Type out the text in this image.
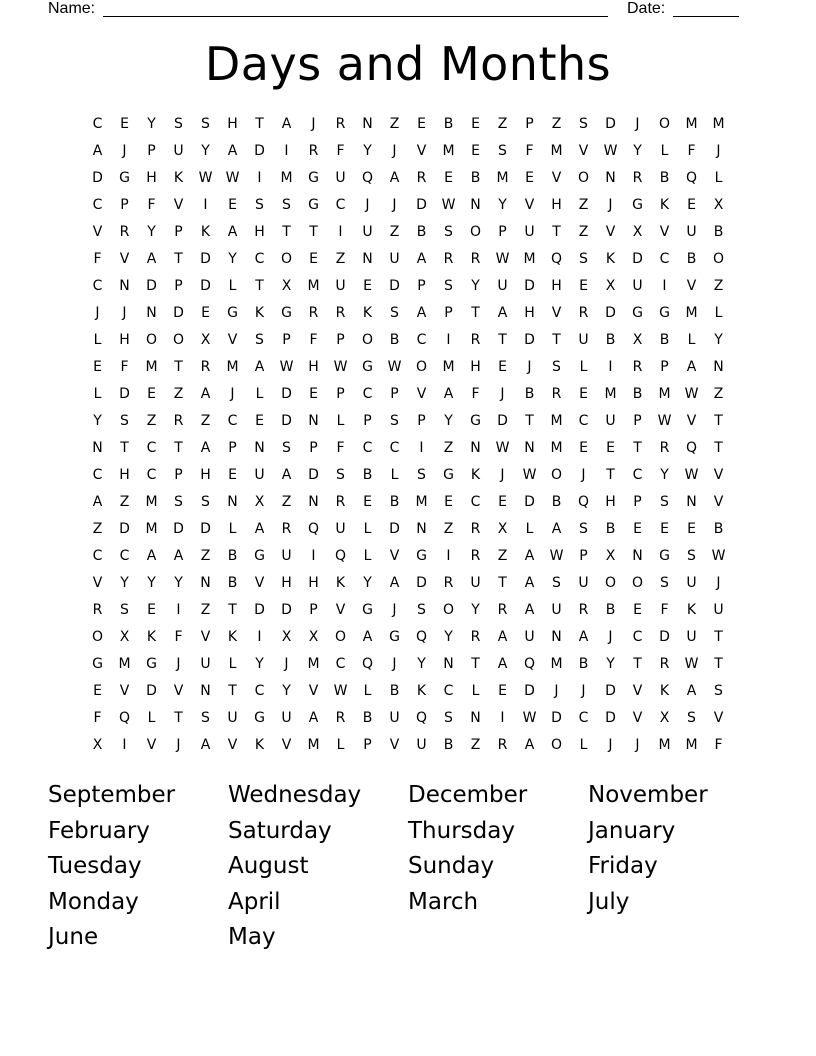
Name:	Date:
Days and Months
C	E	Y	S	S	H	T	A	J	R	N	Z	E	B	E	Z	P	Z	S	D	J	O	M	M
A	J	P	U	Y	A	D	I	R	F	Y	J	V	M	E	S	F	M	V	W	Y	L	F	J
D	G	H	K	W W	I	M	G	U	Q	A	R	E	B	M	E	V	O	N	R	B	Q	L
C	P	F	V	I	E	S	S	G	C	J	J	D	W	N	Y	V	H	Z	J	G	K	E	X
V	R	Y	P	K	A	H	T	T	I	U	Z	B	S	O	P	U	T	Z	V	X	V	U	B
F	V	A	T	D	Y	C	O	E	Z	N	U	A	R	R	W	M	Q	S	K	D	C	B	O
C	N	D	P	D	L	T	X	M	U	E	D	P	S	Y	U	D	H	E	X	U	I	V	Z
J	J	N	D	E	G	K	G	R	R	K	S	A	P	T	A	H	V	R	D	G	G	M	L
L	H	O	O	X	V	S	P	F	P	O	B	C	I	R	T	D	T	U	B	X	B	L	Y
E	F	M	T	R	M	A	W	H	W	G	W	O	M	H	E	J	S	L	I	R	P	A	N
L	D	E	Z	A	J	L	D	E	P	C	P	V	A	F	J	B	R	E	M	B	M	W	Z
Y	S	Z	R	Z	C	E	D	N	L	P	S	P	Y	G	D	T	M	C	U	P	W	V	T
N	T	C	T	A	P	N	S	P	F	C	C	I	Z	N	W	N	M	E	E	T	R	Q	T
C	H	C	P	H	E	U	A	D	S	B	L	S	G	K	J	W	O	J	T	C	Y	W	V
A	Z	M	S	S	N	X	Z	N	R	E	B	M	E	C	E	D	B	Q	H	P	S	N	V
Z	D	M	D	D	L	A	R	Q	U	L	D	N	Z	R	X	L	A	S	B	E	E	E	B
C	C	A	A	Z	B	G	U	I	Q	L	V	G	I	R	Z	A	W	P	X	N	G	S	W
V	Y	Y	Y	N	B	V	H	H	K	Y	A	D	R	U	T	A	S	U	O	O	S	U	J
R	S	E	I	Z	T	D	D	P	V	G	J	S	O	Y	R	A	U	R	B	E	F	K	U
O	X	K	F	V	K	I	X	X	O	A	G	Q	Y	R	A	U	N	A	J	C	D	U	T
G	M	G	J	U	L	Y	J	M	C	Q	J	Y	N	T	A	Q	M	B	Y	T	R	W	T
E	V	D	V	N	T	C	Y	V	W	L	B	K	C	L	E	D	J	J	D	V	K	A	S
F	Q	L	T	S	U	G	U	A	R	B	U	Q	S	N	I	W	D	C	D	V	X	S	V
X	I	V	J	A	V	K	V	M	L	P	V	U	B	Z	R	A	O	L	J	J	M	M	F
September	Wednesday	December	November
February	Saturday	Thursday	January
Tuesday	August	Sunday	Friday
Monday	April	March	July
June	May
